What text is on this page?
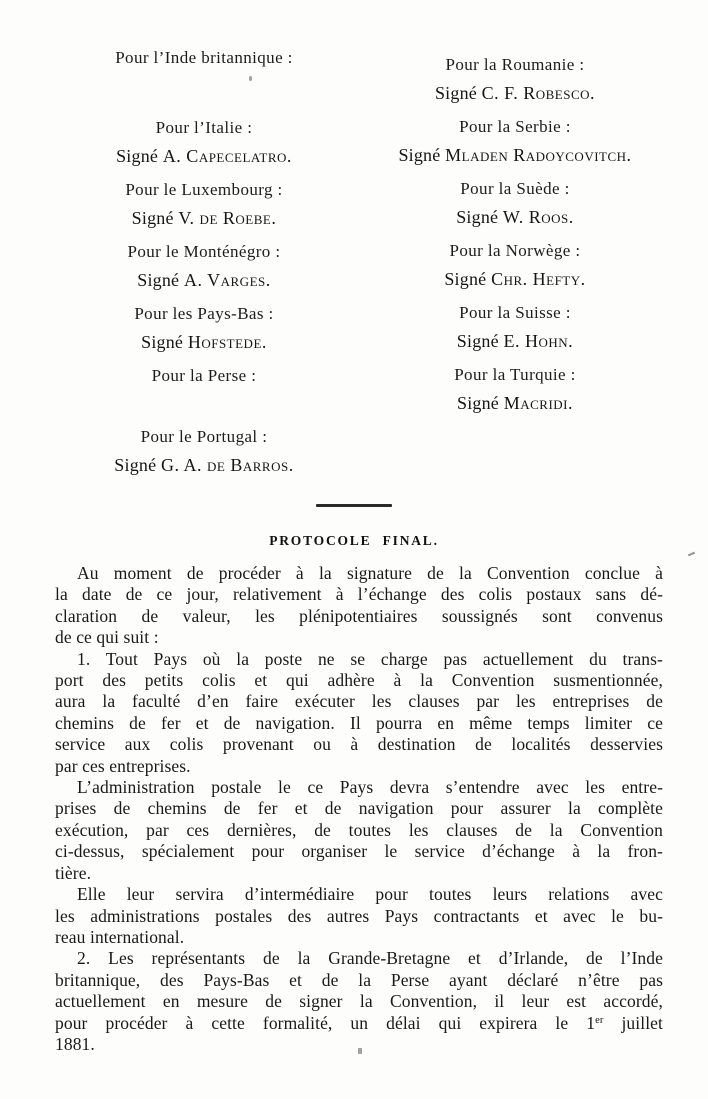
Pour l’Inde britannique :
Pour l’Italie :
Signé A. Capecelatro.
Pour le Luxembourg :
Signé V. de Roebe.
Pour le Monténégro :
Signé A. Varges.
Pour les Pays-Bas :
Signé Hofstede.
Pour la Perse :
Pour le Portugal :
Signé G. A. de Barros.
Pour la Roumanie :
Signé C. F. Robesco.
Pour la Serbie :
Signé Mladen Radoycovitch.
Pour la Suède :
Signé W. Roos.
Pour la Norwège :
Signé Chr. Hefty.
Pour la Suisse :
Signé E. Hohn.
Pour la Turquie :
Signé Macridi.
PROTOCOLE FINAL.
Au moment de procéder à la signature de la Convention conclue à
la date de ce jour, relativement à l’échange des colis postaux sans dé-
claration de valeur, les plénipotentiaires soussignés sont convenus
de ce qui suit :
1. Tout Pays où la poste ne se charge pas actuellement du trans-
port des petits colis et qui adhère à la Convention susmentionnée,
aura la faculté d’en faire exécuter les clauses par les entreprises de
chemins de fer et de navigation. Il pourra en même temps limiter ce
service aux colis provenant ou à destination de localités desservies
par ces entreprises.
L’administration postale le ce Pays devra s’entendre avec les entre-
prises de chemins de fer et de navigation pour assurer la complète
exécution, par ces dernières, de toutes les clauses de la Convention
ci-dessus, spécialement pour organiser le service d’échange à la fron-
tière.
Elle leur servira d’intermédiaire pour toutes leurs relations avec
les administrations postales des autres Pays contractants et avec le bu-
reau international.
2. Les représentants de la Grande-Bretagne et d’Irlande, de l’Inde
britannique, des Pays-Bas et de la Perse ayant déclaré n’être pas
actuellement en mesure de signer la Convention, il leur est accordé,
pour procéder à cette formalité, un délai qui expirera le 1er juillet
1881.
